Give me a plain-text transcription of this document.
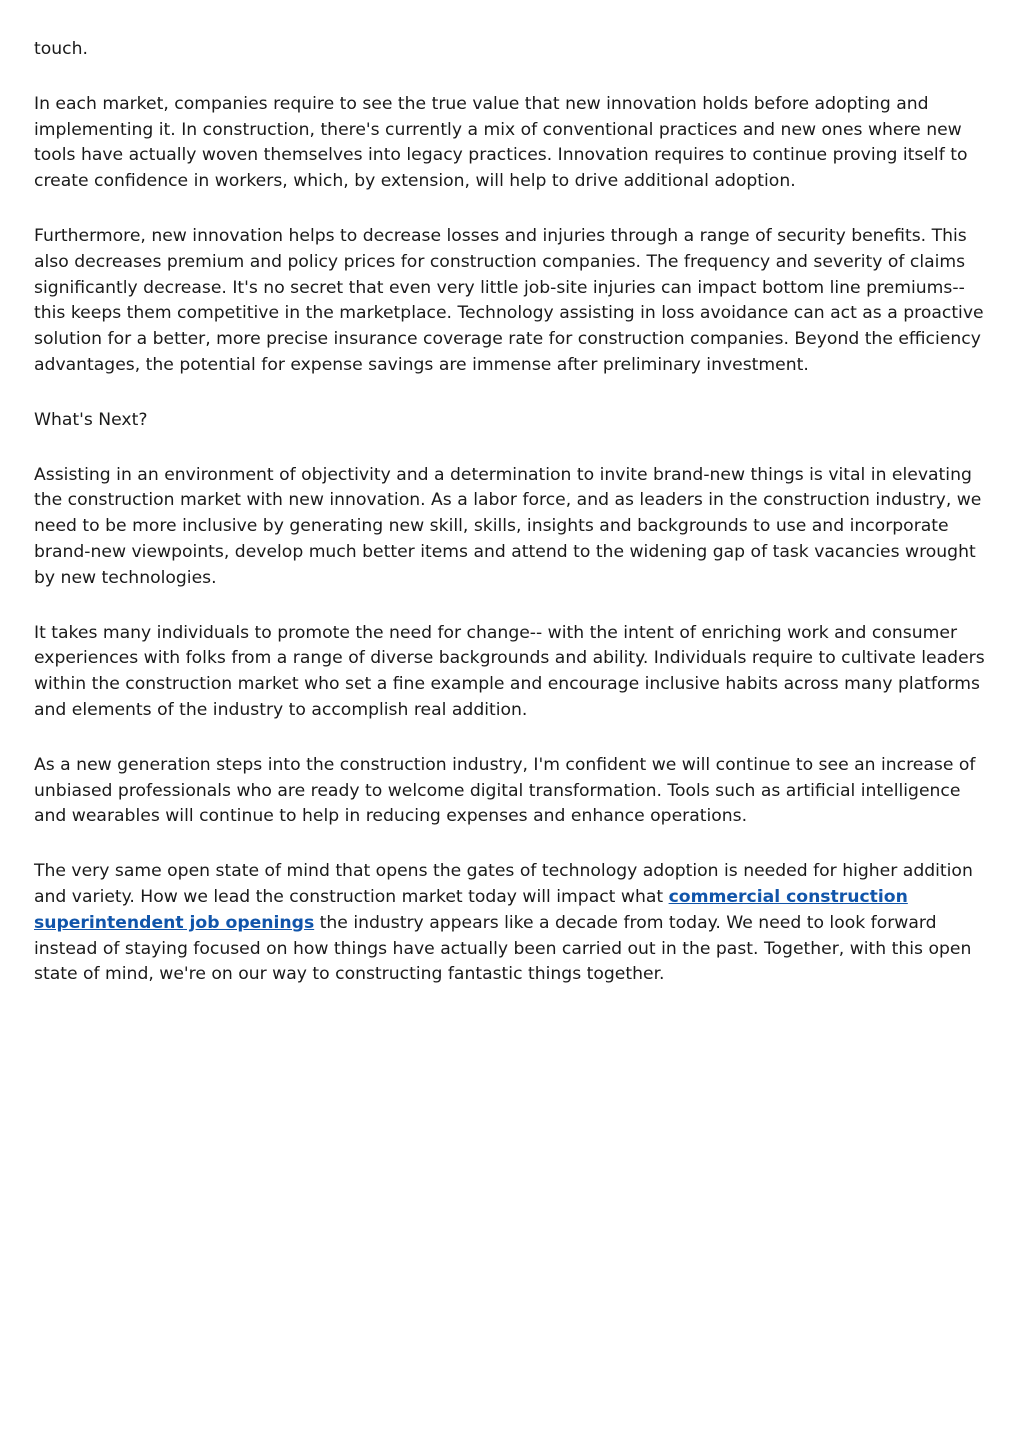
touch.

In each market, companies require to see the true value that new innovation holds before adopting and implementing it. In construction, there's currently a mix of conventional practices and new ones where new tools have actually woven themselves into legacy practices. Innovation requires to continue proving itself to create confidence in workers, which, by extension, will help to drive additional adoption.

Furthermore, new innovation helps to decrease losses and injuries through a range of security benefits. This also decreases premium and policy prices for construction companies. The frequency and severity of claims significantly decrease. It's no secret that even very little job-site injuries can impact bottom line premiums-- this keeps them competitive in the marketplace. Technology assisting in loss avoidance can act as a proactive solution for a better, more precise insurance coverage rate for construction companies. Beyond the efficiency advantages, the potential for expense savings are immense after preliminary investment.

What's Next?

Assisting in an environment of objectivity and a determination to invite brand-new things is vital in elevating the construction market with new innovation. As a labor force, and as leaders in the construction industry, we need to be more inclusive by generating new skill, skills, insights and backgrounds to use and incorporate brand-new viewpoints, develop much better items and attend to the widening gap of task vacancies wrought by new technologies.

It takes many individuals to promote the need for change-- with the intent of enriching work and consumer experiences with folks from a range of diverse backgrounds and ability. Individuals require to cultivate leaders within the construction market who set a fine example and encourage inclusive habits across many platforms and elements of the industry to accomplish real addition.

As a new generation steps into the construction industry, I'm confident we will continue to see an increase of unbiased professionals who are ready to welcome digital transformation. Tools such as artificial intelligence and wearables will continue to help in reducing expenses and enhance operations.

The very same open state of mind that opens the gates of technology adoption is needed for higher addition and variety. How we lead the construction market today will impact what commercial construction superintendent job openings the industry appears like a decade from today. We need to look forward instead of staying focused on how things have actually been carried out in the past. Together, with this open state of mind, we're on our way to constructing fantastic things together.
